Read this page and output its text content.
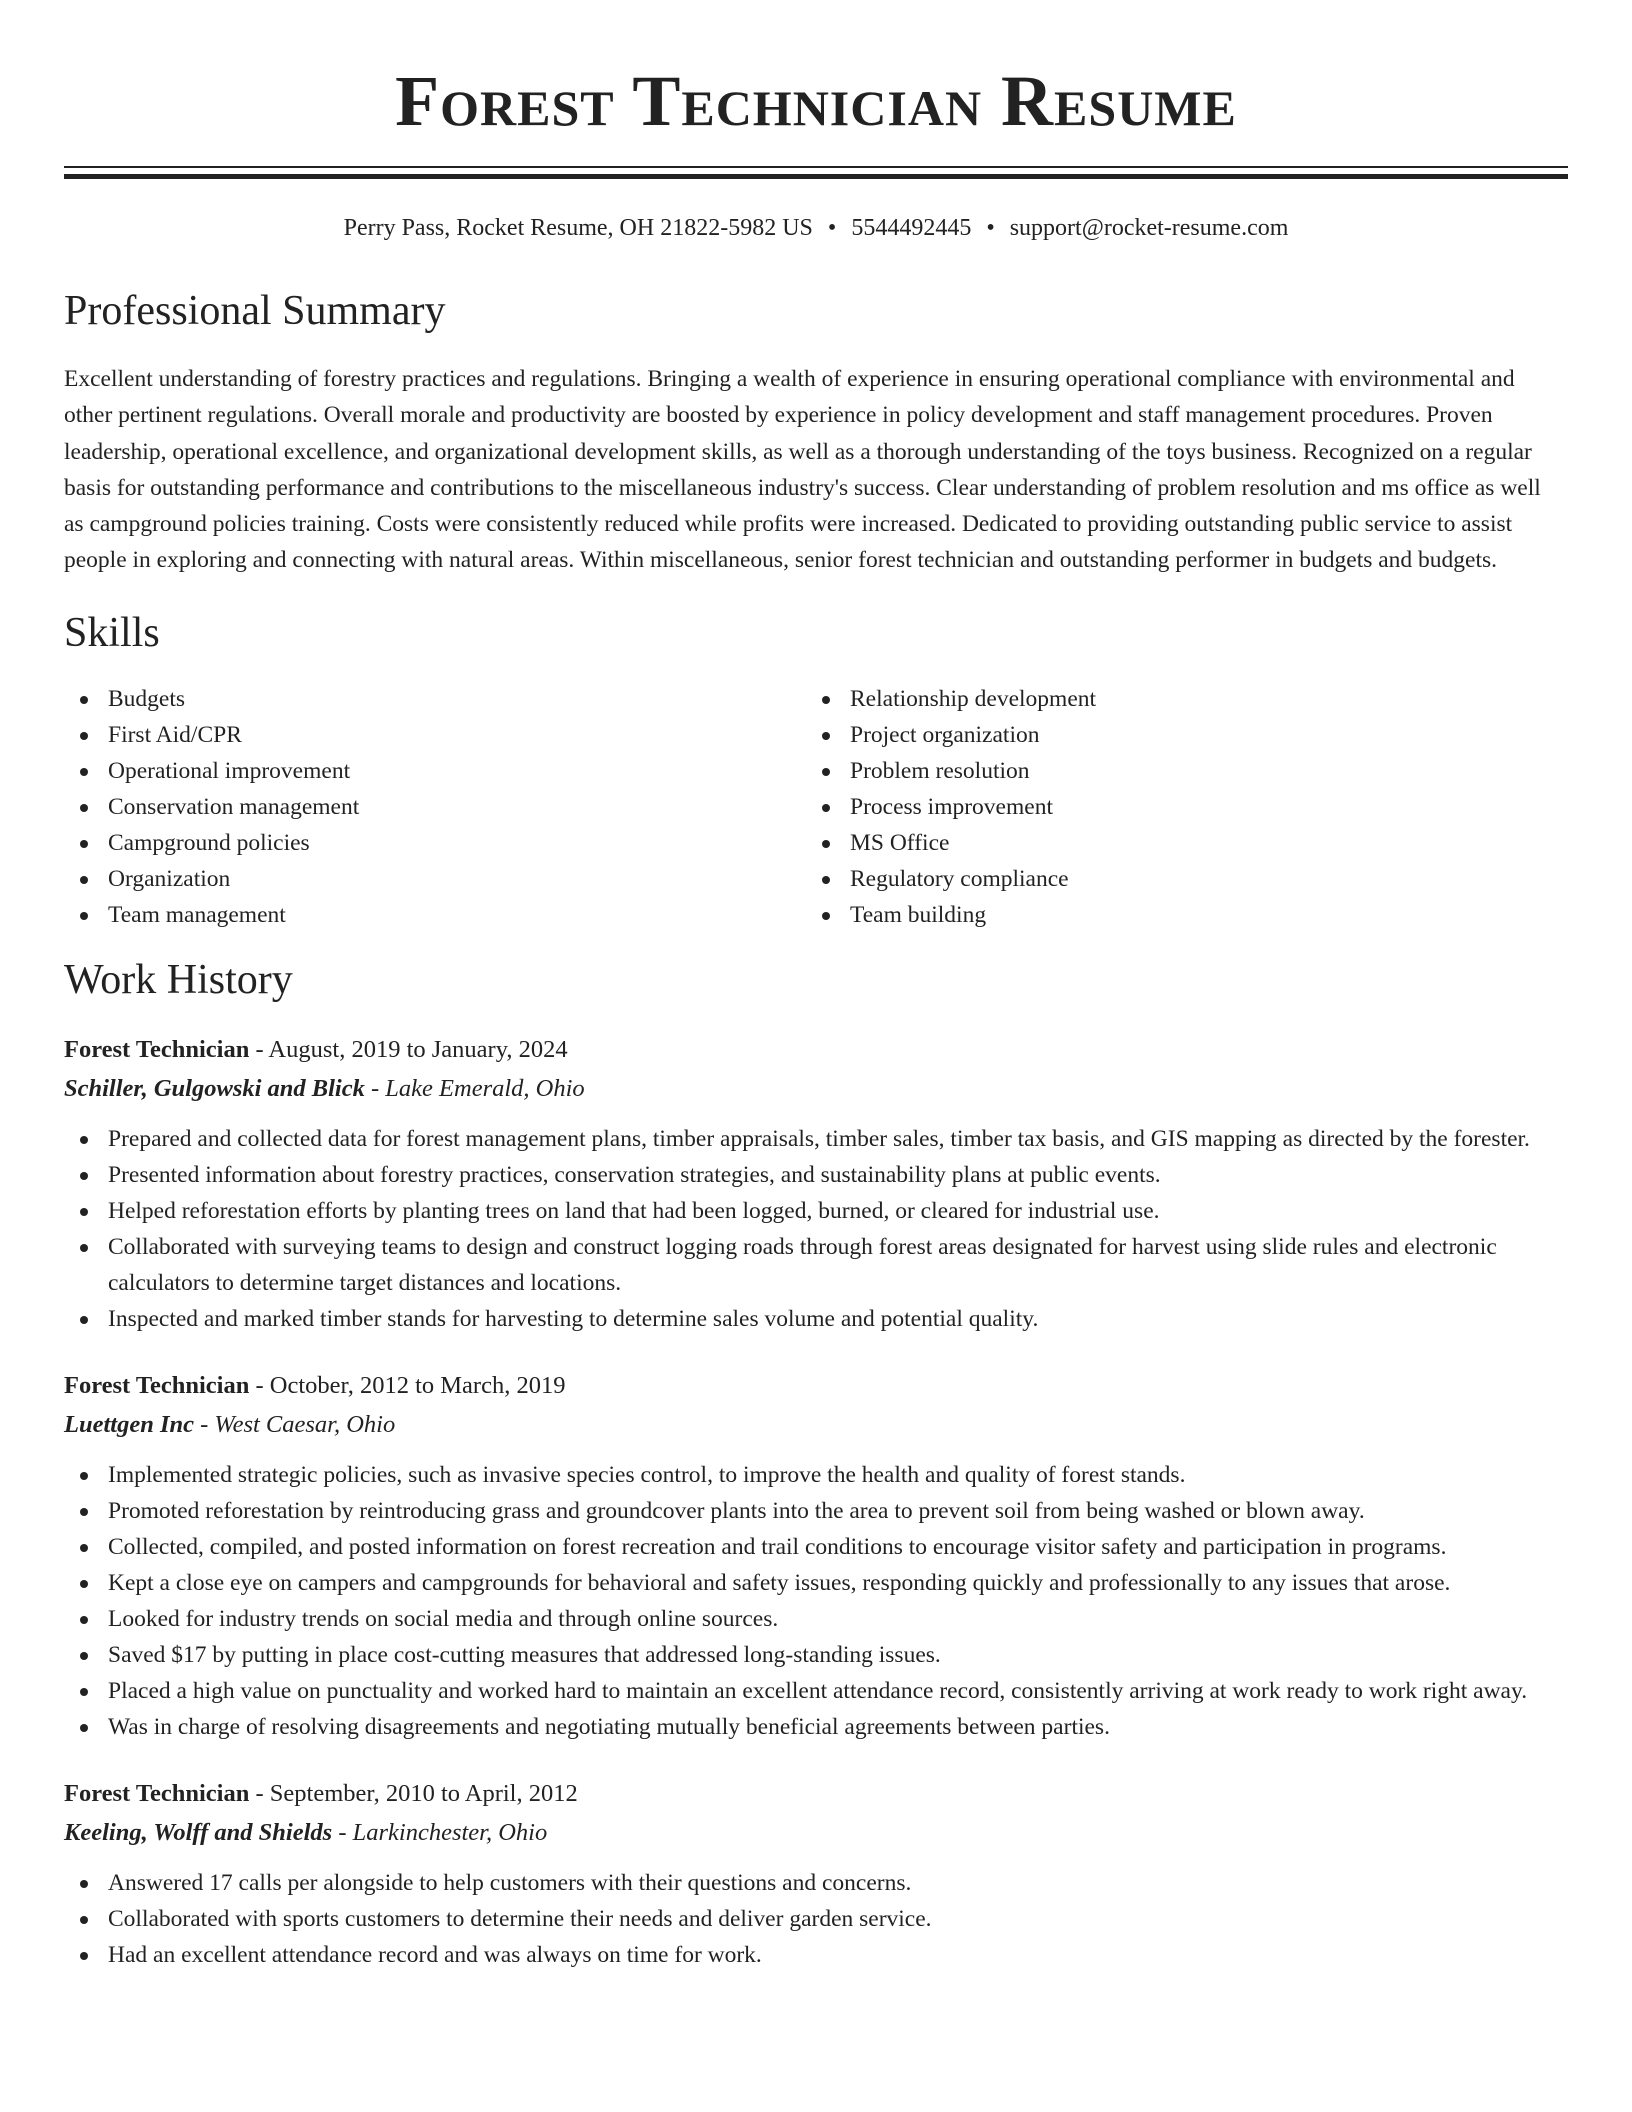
Forest Technician Resume
Perry Pass, Rocket Resume, OH 21822-5982 US • 5544492445 • support@rocket-resume.com
Professional Summary

Excellent understanding of forestry practices and regulations. Bringing a wealth of experience in ensuring operational compliance with environmental and other pertinent regulations. Overall morale and productivity are boosted by experience in policy development and staff management procedures. Proven leadership, operational excellence, and organizational development skills, as well as a thorough understanding of the toys business. Recognized on a regular basis for outstanding performance and contributions to the miscellaneous industry's success. Clear understanding of problem resolution and ms office as well as campground policies training. Costs were consistently reduced while profits were increased. Dedicated to providing outstanding public service to assist people in exploring and connecting with natural areas. Within miscellaneous, senior forest technician and outstanding performer in budgets and budgets.

Skills
Budgets
First Aid/CPR
Operational improvement
Conservation management
Campground policies
Organization
Team management
Relationship development
Project organization
Problem resolution
Process improvement
MS Office
Regulatory compliance
Team building
Work History
Forest Technician - August, 2019 to January, 2024
Schiller, Gulgowski and Blick - Lake Emerald, Ohio
Prepared and collected data for forest management plans, timber appraisals, timber sales, timber tax basis, and GIS mapping as directed by the forester.
Presented information about forestry practices, conservation strategies, and sustainability plans at public events.
Helped reforestation efforts by planting trees on land that had been logged, burned, or cleared for industrial use.
Collaborated with surveying teams to design and construct logging roads through forest areas designated for harvest using slide rules and electronic calculators to determine target distances and locations.
Inspected and marked timber stands for harvesting to determine sales volume and potential quality.
Forest Technician - October, 2012 to March, 2019
Luettgen Inc - West Caesar, Ohio
Implemented strategic policies, such as invasive species control, to improve the health and quality of forest stands.
Promoted reforestation by reintroducing grass and groundcover plants into the area to prevent soil from being washed or blown away.
Collected, compiled, and posted information on forest recreation and trail conditions to encourage visitor safety and participation in programs.
Kept a close eye on campers and campgrounds for behavioral and safety issues, responding quickly and professionally to any issues that arose.
Looked for industry trends on social media and through online sources.
Saved $17 by putting in place cost-cutting measures that addressed long-standing issues.
Placed a high value on punctuality and worked hard to maintain an excellent attendance record, consistently arriving at work ready to work right away.
Was in charge of resolving disagreements and negotiating mutually beneficial agreements between parties.
Forest Technician - September, 2010 to April, 2012
Keeling, Wolff and Shields - Larkinchester, Ohio
Answered 17 calls per alongside to help customers with their questions and concerns.
Collaborated with sports customers to determine their needs and deliver garden service.
Had an excellent attendance record and was always on time for work.
